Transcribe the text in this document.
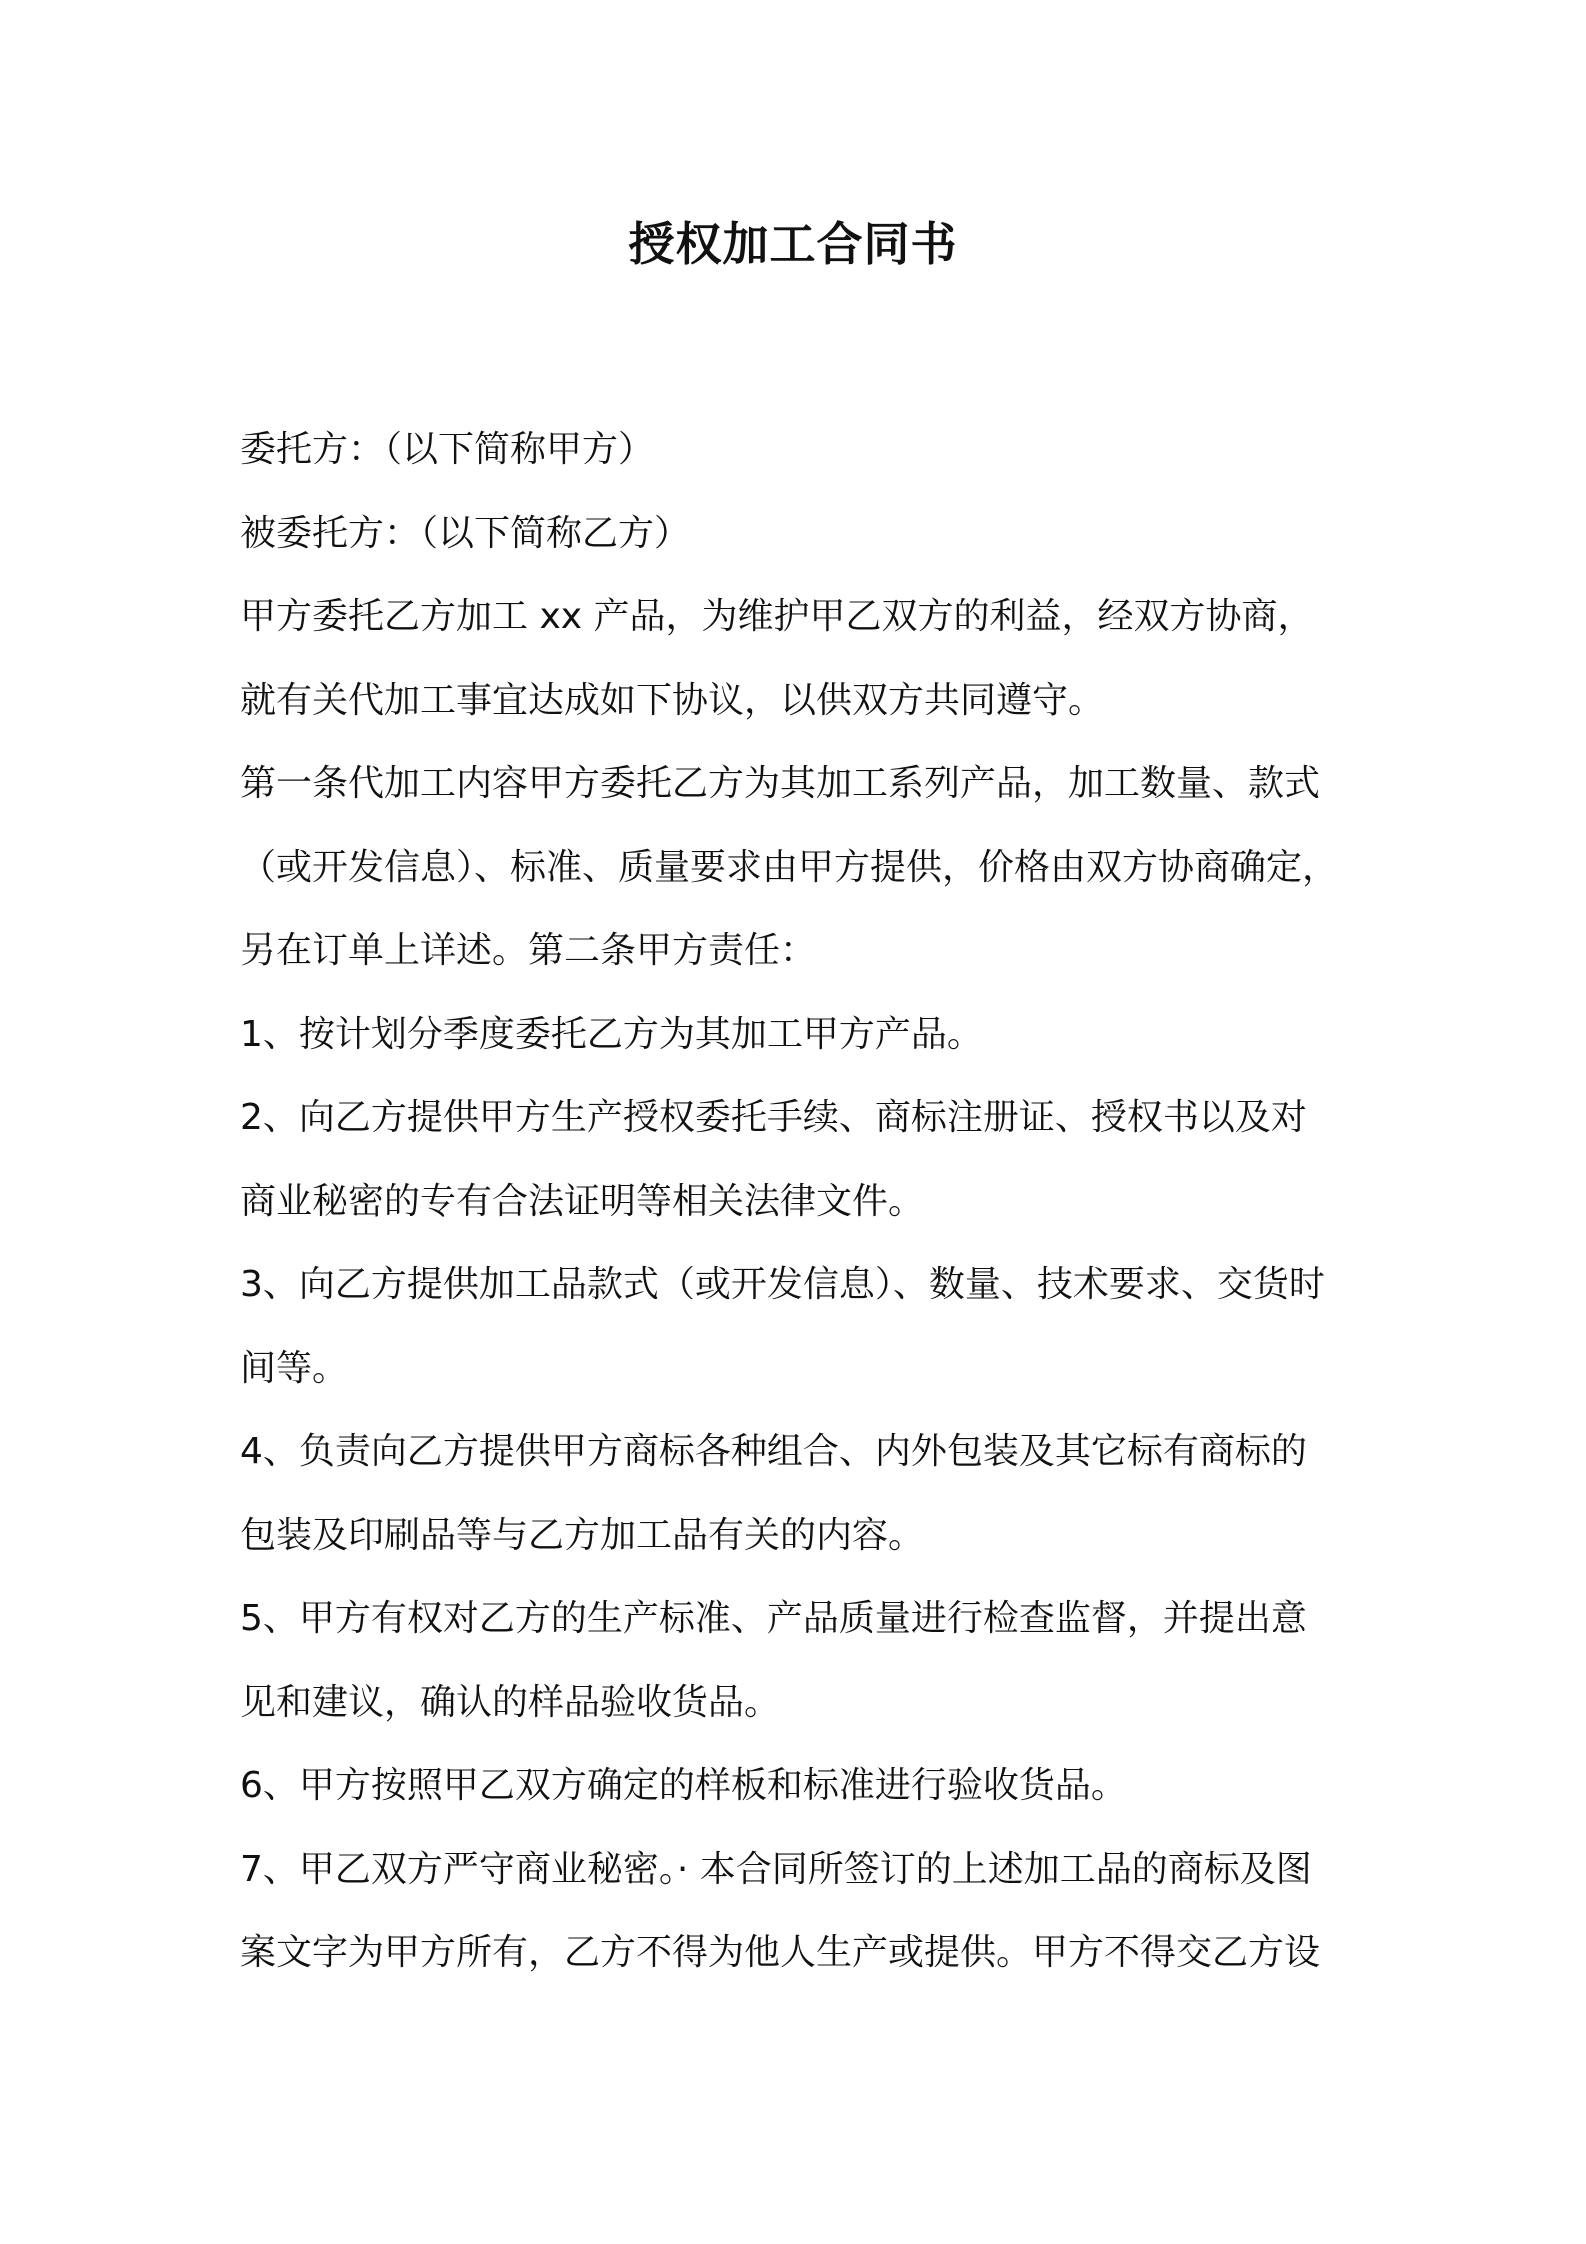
授权加工合同书
委托方：（以下简称甲方）
被委托方：（以下简称乙方）
甲方委托乙方加工 xx 产品，为维护甲乙双方的利益，经双方协商，
就有关代加工事宜达成如下协议，以供双方共同遵守。
第一条代加工内容甲方委托乙方为其加工系列产品，加工数量、款式
（或开发信息）、标准、质量要求由甲方提供，价格由双方协商确定，
另在订单上详述。第二条甲方责任：
1、按计划分季度委托乙方为其加工甲方产品。
2、向乙方提供甲方生产授权委托手续、商标注册证、授权书以及对
商业秘密的专有合法证明等相关法律文件。
3、向乙方提供加工品款式（或开发信息）、数量、技术要求、交货时
间等。
4、负责向乙方提供甲方商标各种组合、内外包装及其它标有商标的
包装及印刷品等与乙方加工品有关的内容。
5、甲方有权对乙方的生产标准、产品质量进行检查监督，并提出意
见和建议，确认的样品验收货品。
6、甲方按照甲乙双方确定的样板和标准进行验收货品。
7、甲乙双方严守商业秘密。· 本合同所签订的上述加工品的商标及图
案文字为甲方所有，乙方不得为他人生产或提供。甲方不得交乙方设
